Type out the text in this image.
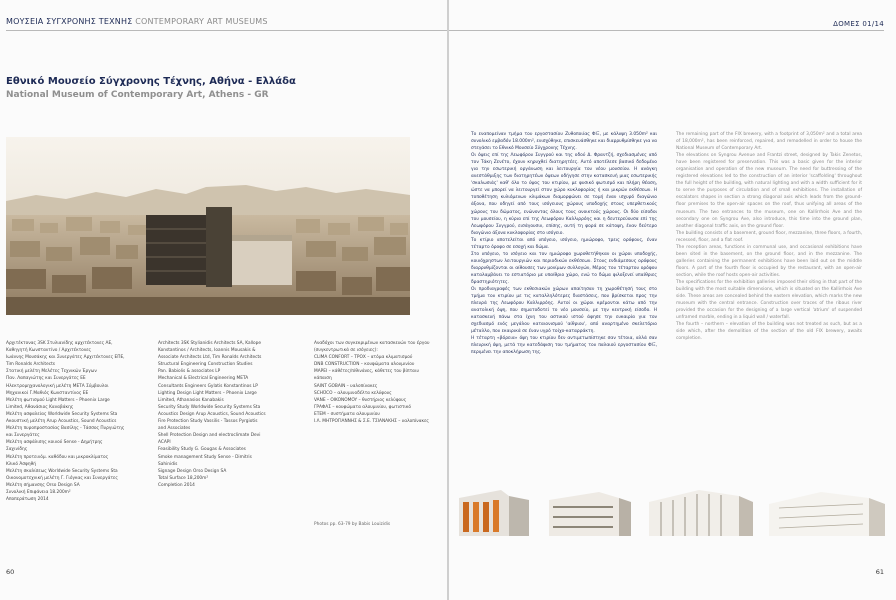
ΜΟΥΣΕΙΑ ΣΥΓΧΡΟΝΗΣ ΤΕΧΝΗΣ CONTEMPORARY ART MUSEUMS
Εθνικό Μουσείο Σύγχρονης Τέχνης, Αθήνα - Ελλάδα
National Museum of Contemporary Art, Athens - GR
Αρχιτέκτονας 3SK Στυλιανίδης αρχιτέκτονες ΑΕ,
Καθηγητή Κωνσταντίνο / Αρχιτέκτονες
Ιωάννης Μουσάκης και Συνεργάτες Αρχιτέκτονες ΕΠΕ,
Tim Ronalds Architects
Στατική μελέτη Μελέτες Τεχνικών Έργων
Παν. Λαπαγιώτης και Συνεργάτες ΕΕ
Ηλεκτρομηχανολογική μελέτη ΜΕΤΑ Σύμβουλοι
Μηχανικοί Γ.Μαθιός Κωνσταντίνος ΕΕ
Μελέτη φωτισμού Light Matters – Phoenix Large
Limited, Αθανάσιος Καναβάκης
Μελέτη ασφαλείας Worldwide Security Systems Sta
Ακουστική μελέτη Arup Acoustics, Sound Acoustics
Μελέτη πυροπροστασίας Βασίλης - Τάσσος Πυργιώτης
και Συνεργάτες
Μελέτη ασφάλισης κοινού Sense - Δημήτρης
Σαχινίδης
Μελέτη προτεινόμ. καθόδου και μικροκλίματος
Κλικό Άσφηθή
Μελέτη σκαλίσεως Worldwide Security Systems Sta
Οικονομοτεχνική μελέτη Γ. Γιόγκας και Συνεργάτες
Μελέτη σήμανσης Orso Design SA
Συνολική Επιφάνεια 18.200m²
Αποπεράτωση 2014
Architects 3SK Stylianidis Architects SA, Kallope
Konstantinos / Architects, Ioannis Mousakis &
Associate Architects Ltd, Tim Ronalds Architects
Structural Engineering Construction Studies
Pan. Babiolis & associates LP
Mechanical & Electrical Engineering META
Consultants Engineers Gylatis Konstantinos LP
Lighting Design Light Matters – Phoenix Large
Limited, Athanasios Kanabakis
Security Study Worldwide Security Systems Sta
Acoustics Design Arup Acoustics, Sound Acoustics
Fire Protection Study Vassilis - Tassos Pyrgiotis
and Associates
Shell Protection Design and electroclimate Devi
ACAPI
Feasibility Study G. Gougas & Associates
Smoke management Study Sense - Dimitris
Sahinidis
Signage Design Orso Design SA
Total Surface 18,200m²
Completion 2014
Αναδόχοι των συγκεκριμένων κατασκευών του έργου
(συγκεντρωτικά σε ισόγειες):
CLIMA CONFORT – ΤΡΟΧ – ατόμα κλιματισμού
DNB CONSTRUCTION – κουφώματα αλουμινίου
ΜΑΡΕΙ – κάθέτες/πίθινάνες, κάθετες του βίπταιυ
κάπαιση
SAINT GOBAIN – υαλοπίνακες
SCHÜCO – αλουμινοδέλτα κελύφους
VANE – OIKONOMOY – θυστήριος κελύφους
ΓΡΑΦΑΣ – κουφώματα αλουμινίου, φωτιστικό
ΕΤΕΜ – συστήματα αλουμινίου
Ι.Λ. ΜΗΤΡΟΓΙΑΝΝΗΣ & Σ.Ε. ΤΣΙΑΝΑΚΗΣ – υαλοπίνακες
Photos pp. 63-79 by Babis Louizidis
60
ΔΟΜΕΣ 01/14

Το εναπομείναν τμήμα του εργοστασίου Ζυθοποιίας ΦΙΞ, με κάλυψη 3.050m² και συνολικό εμβαδόν 18.000m², ενισχύθηκε, επισκευάσθηκε και διαρρυθμίσθηκε για να στεγάσει το Εθνικό Μουσείο Σύγχρονης Τέχνης.

Οι όψεις επί της Λεωφόρου Συγγρού και της οδού Δ. Φραντζή, σχεδιασμένες από τον Τάκη Ζενέτο, έχουν κηρυχθεί διατηρητέες. Αυτό αποτέλεσε βασικό δεδομένο για την εσωτερική οργάνωση και λειτουργία του νέου μουσείου. Η ανάγκη ανεστάθμιξης των διατηρητέων όψεων οδήγησε στην κατασκευή μιας εσωτερικής 'σκαλωσιάς' καθ' όλο το ύψος του κτιρίου, με φυσικό φωτισμό και πλήρη θέαση, ώστε να μπορεί να λειτουργεί στον χώρο κυκλοφορίας ή και μικρών εκθέσεων. Η τοποθέτηση κυλιόμενων κλιμάκων διαμορφώνει σε τομή έναν ισχυρό διαγώνιο άξονα, που οδηγεί από τους ισόγειους χώρους υποδοχής στους υπερθετικούς χώρους του δώματος, ενώνοντας όλους τους ανοικτούς χώρους. Οι δύο είσοδοι του μουσείου, η κύρια επί της Λεωφόρου Καλλιρρόης και η δευτερεύουσα επί της Λεωφόρου Συγγρού, εισάγουσιν, επίσης, αυτή τη φορά σε κάτοψη, έναν δεύτερο διαγώνιο άξονα κυκλοφορίας στο ισόγειο.

Το κτίριο αποτελείται από υπόγειο, ισόγειο, ημιώροφο, τρεις ορόφους, έναν τέταρτο όροφο σε εσοχή και δώμα.

Στο υπόγειο, το ισόγειο και τον ημιώροφο χωροθετήθηκαν οι χώροι υποδοχής, κοινόχρηστων λειτουργιών και περιοδικών εκθέσεων. Στους ενδιάμεσους ορόφους διαρρυθμίζονται οι αίθουσες των μονίμων συλλογών, Μέρος του τέταρτου ορόφου καταλαμβάνει το εστιατόριο με υπαίθριο χώρο, ενώ το δώμα φιλοξενεί υπαίθριες δραστηριότητες.

Οι προδιαγραφές των εκθεσιακών χώρων απαίτησαν τη χωροθέτησή τους στο τμήμα του κτιρίου με τις καταλληλότερες διαστάσεις, που βρίσκεται προς την πλευρά της Λεωφόρου Καλλιρρόης. Αυτοί οι χώροι κρέμονται κάτω από την ανατολική όψη, που σηματοδοτεί το νέο μουσείο, με την κεντρική είσοδο. Η κατασκευή πάνω στα ίχνη του αστικού ιστού άφησε την ευκαιρία για τον σχεδιασμό ενός μεγάλου καταιονισμού 'αίθριου', από αναρτημένο σκελετόριο μέταλλο, που εκαιρικά σε έναν υγρό τοίχο-καταρράκτη.

Η τέταρτη «βόρεια» όψη του κτιρίου δεν αντιμετωπίστηκε σαν τέτοια, αλλά σαν πλευρική όψη, μετά την κατεδάφιση του τμήματος του παλαιού εργοστασίου ΦΙΞ, περιμένει την αποκλήρωση της.

The remaining part of the FIX brewery, with a footprint of 3,050m² and a total area of 18,000m², has been reinforced, repaired, and remodelled in order to house the National Museum of Contemporary Art.

The elevations on Syngrou Avenue and Frantzi street, designed by Takis Zenetos, have been registered for preservation. This was a basic given for the interior organisation and operation of the new museum. The need for buttressing of the registered elevations led to the construction of an interior 'scaffolding' throughout the full height of the building, with natural lighting and with a width sufficient for it to serve the purposes of circulation and of small exhibitions. The installation of escalators shapes in section a strong diagonal axis which leads from the ground-floor premises to the open-air spaces on the roof, thus unifying all areas of the museum. The two entrances to the museum, one on Kallirrhois Ave and the secondary one on Syngrou Ave, also introduce, this time into the ground plan, another diagonal traffic axis, on the ground floor.

The building consists of a basement, ground floor, mezzanine, three floors, a fourth, recessed, floor, and a flat roof.

The reception areas, functions in communal use, and occasional exhibitions have been sited in the basement, on the ground floor, and in the mezzanine. The galleries containing the permanent exhibitions have been laid out on the middle floors. A part of the fourth floor is occupied by the restaurant, with an open-air section, while the roof hosts open-air activities.

The specifications for the exhibition galleries imposed their siting in that part of the building with the most suitable dimensions, which is situated on the Kallirrhois Ave side. These areas are concealed behind the eastern elevation, which marks the new museum with the central entrance. Construction over traces of the ribaus river provided the occasion for the designing of a large vertical 'atrium' of suspended unframed marble, ending in a liquid wall / waterfall.

The fourth – northern – elevation of the building was not treated as such, but as a side which, after the demolition of the section of the old FIX brewery, awaits completion.

61
